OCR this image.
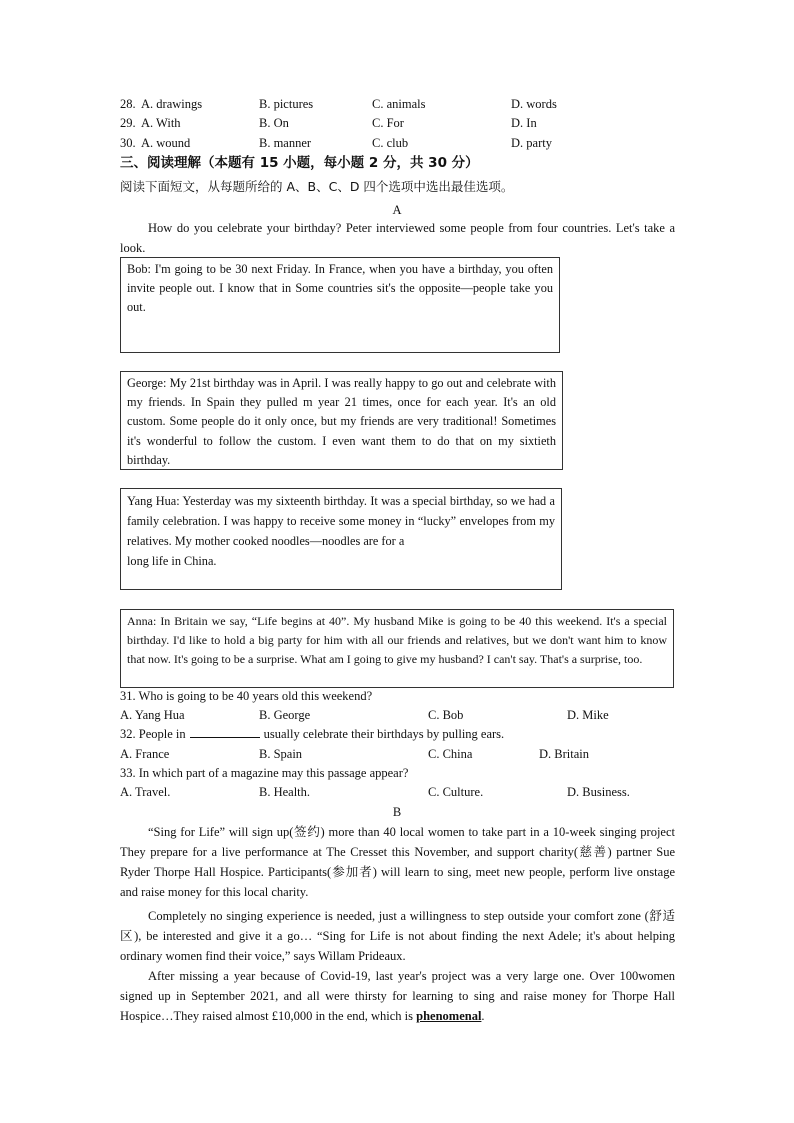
28. A. drawings	B. pictures	C. animals	D. words
29. A. With	B. On	C. For	D. In
30. A. wound	B. manner	C. club	D. party
三、阅读理解（本题有 15 小题，每小题 2 分，共 30 分）
阅读下面短文，从每题所给的 A、B、C、D 四个选项中选出最佳选项。
A
How do you celebrate your birthday? Peter interviewed some people from four countries. Let's take a look.

Bob: I'm going to be 30 next Friday. In France, when you have a birthday, you often invite people out. I know that in Some countries sit's the opposite—people take you out.

George: My 21st birthday was in April. I was really happy to go out and celebrate with my friends. In Spain they pulled m year 21 times, once for each year. It's an old custom. Some people do it only once, but my friends are very traditional! Sometimes it's wonderful to follow the custom. I even want them to do that on my sixtieth birthday.

Yang Hua: Yesterday was my sixteenth birthday. It was a special birthday, so we had a family celebration. I was happy to receive some money in “lucky” envelopes from my relatives. My mother cooked noodles—noodles are for a

long life in China.

Anna: In Britain we say, “Life begins at 40”. My husband Mike is going to be 40 this weekend. It's a special birthday. I'd like to hold a big party for him with all our friends and relatives, but we don't want him to know that now. It's going to be a surprise. What am I going to give my husband? I can't say. That's a surprise, too.

31. Who is going to be 40 years old this weekend?
A. Yang Hua	B. George	C. Bob	D. Mike
32. People in	usually celebrate their birthdays by pulling ears.
A. France	B. Spain	C. China	D. Britain
33. In which part of a magazine may this passage appear?
A. Travel.	B. Health.	C. Culture.	D. Business.
B
“Sing for Life” will sign up(签约) more than 40 local women to take part in a 10-week singing project They prepare for a live performance at The Cresset this November, and support charity(慈善) partner Sue Ryder Thorpe Hall Hospice. Participants(参加者) will learn to sing, meet new people, perform live onstage and raise money for this local charity.
Completely no singing experience is needed, just a willingness to step outside your comfort zone (舒适区), be interested and give it a go… “Sing for Life is not about finding the next Adele; it's about helping ordinary women find their voice,” says Willam Prideaux.
After missing a year because of Covid-19, last year's project was a very large one. Over 100women signed up in September 2021, and all were thirsty for learning to sing and raise money for Thorpe Hall Hospice…They raised almost £10,000 in the end, which is phenomenal.
